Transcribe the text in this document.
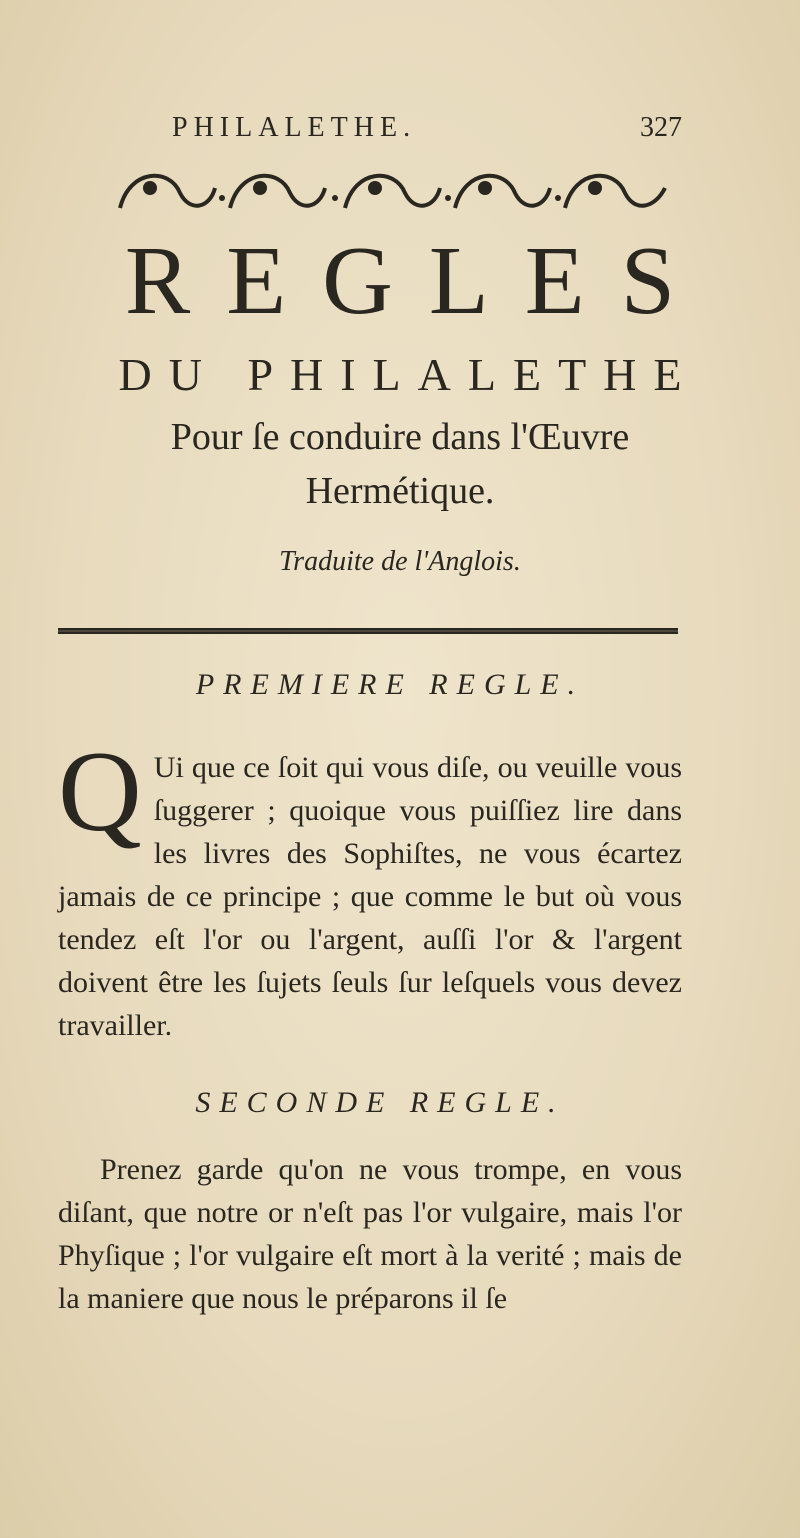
PHILALETHE.	327
REGLES
DU PHILALETHE
Pour ſe conduire dans l'Œuvre
Hermétique.
Traduite de l'Anglois.
PREMIERE REGLE.
Q Ui que ce ſoit qui vous diſe, ou veuille vous ſuggerer ; quoique vous puiſſiez lire dans les livres des Sophiſtes, ne vous écartez jamais de ce principe ; que comme le but où vous tendez eſt l'or ou l'argent, auſſi l'or & l'argent doivent être les ſujets ſeuls ſur leſquels vous devez travailler.
SECONDE REGLE.
Prenez garde qu'on ne vous trompe, en vous diſant, que notre or n'eſt pas l'or vulgaire, mais l'or Phyſique ; l'or vulgaire eſt mort à la verité ; mais de la maniere que nous le préparons il ſe
